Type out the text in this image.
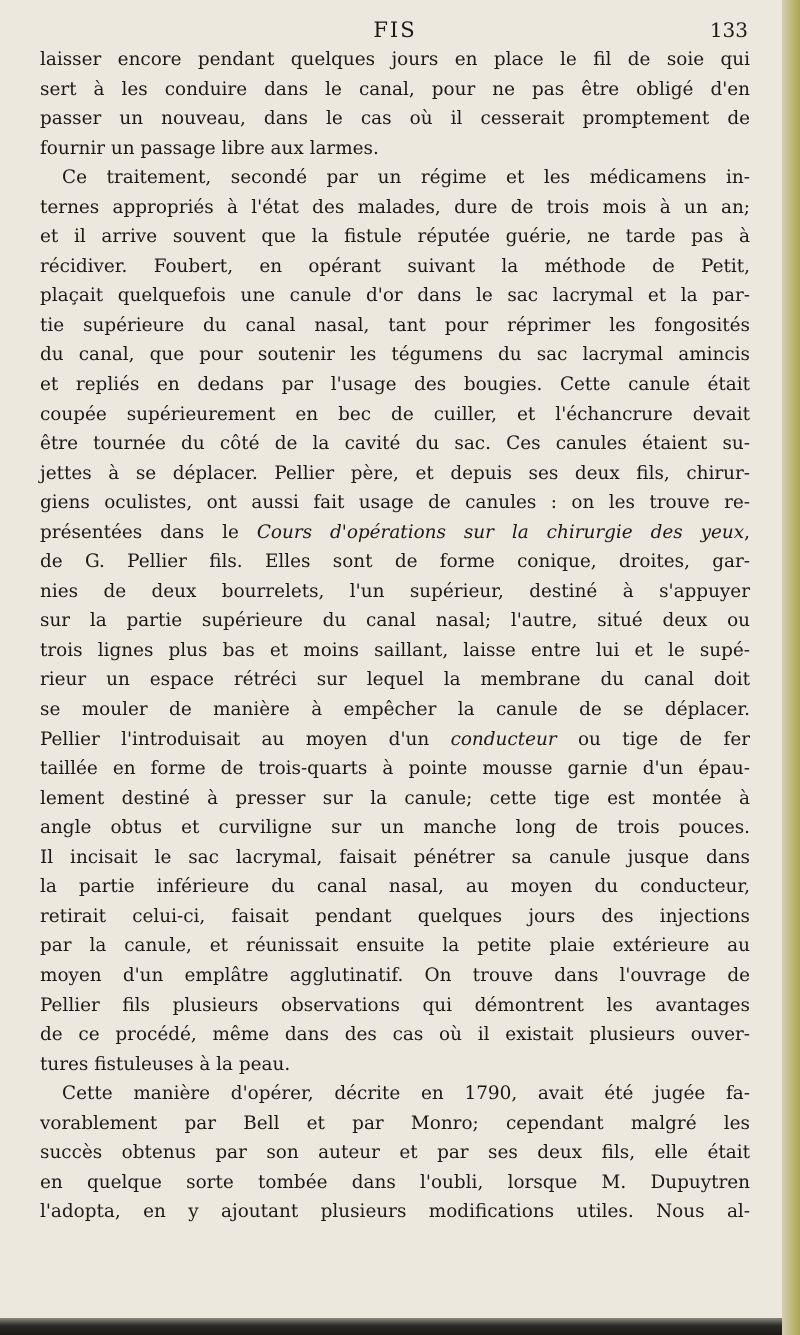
FIS	133
laisser encore pendant quelques jours en place le fil de soie qui
sert à les conduire dans le canal, pour ne pas être obligé d'en
passer un nouveau, dans le cas où il cesserait promptement de
fournir un passage libre aux larmes.
Ce traitement, secondé par un régime et les médicamens in-
ternes appropriés à l'état des malades, dure de trois mois à un an;
et il arrive souvent que la fistule réputée guérie, ne tarde pas à
récidiver. Foubert, en opérant suivant la méthode de Petit,
plaçait quelquefois une canule d'or dans le sac lacrymal et la par-
tie supérieure du canal nasal, tant pour réprimer les fongosités
du canal, que pour soutenir les tégumens du sac lacrymal amincis
et repliés en dedans par l'usage des bougies. Cette canule était
coupée supérieurement en bec de cuiller, et l'échancrure devait
être tournée du côté de la cavité du sac. Ces canules étaient su-
jettes à se déplacer. Pellier père, et depuis ses deux fils, chirur-
giens oculistes, ont aussi fait usage de canules : on les trouve re-
présentées dans le Cours d'opérations sur la chirurgie des yeux,
de G. Pellier fils. Elles sont de forme conique, droites, gar-
nies de deux bourrelets, l'un supérieur, destiné à s'appuyer
sur la partie supérieure du canal nasal; l'autre, situé deux ou
trois lignes plus bas et moins saillant, laisse entre lui et le supé-
rieur un espace rétréci sur lequel la membrane du canal doit
se mouler de manière à empêcher la canule de se déplacer.
Pellier l'introduisait au moyen d'un conducteur ou tige de fer
taillée en forme de trois-quarts à pointe mousse garnie d'un épau-
lement destiné à presser sur la canule; cette tige est montée à
angle obtus et curviligne sur un manche long de trois pouces.
Il incisait le sac lacrymal, faisait pénétrer sa canule jusque dans
la partie inférieure du canal nasal, au moyen du conducteur,
retirait celui-ci, faisait pendant quelques jours des injections
par la canule, et réunissait ensuite la petite plaie extérieure au
moyen d'un emplâtre agglutinatif. On trouve dans l'ouvrage de
Pellier fils plusieurs observations qui démontrent les avantages
de ce procédé, même dans des cas où il existait plusieurs ouver-
tures fistuleuses à la peau.
Cette manière d'opérer, décrite en 1790, avait été jugée fa-
vorablement par Bell et par Monro; cependant malgré les
succès obtenus par son auteur et par ses deux fils, elle était
en quelque sorte tombée dans l'oubli, lorsque M. Dupuytren
l'adopta, en y ajoutant plusieurs modifications utiles. Nous al-
